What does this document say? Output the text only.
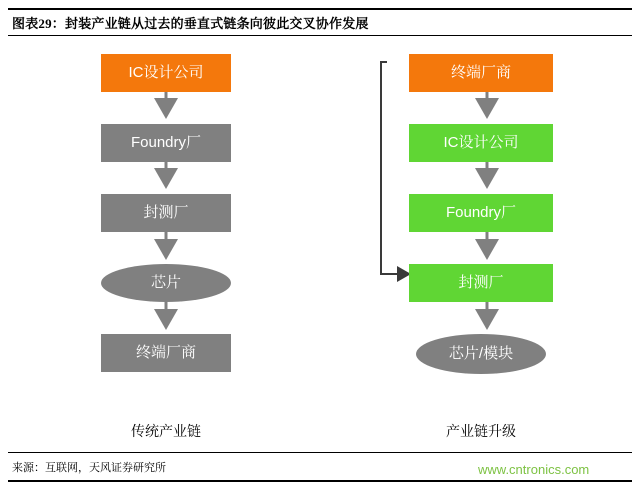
图表29：封装产业链从过去的垂直式链条向彼此交叉协作发展
IC设计公司
Foundry厂
封测厂
芯片
终端厂商
终端厂商
IC设计公司
Foundry厂
封测厂
芯片/模块
传统产业链	产业链升级
来源：互联网，天风证券研究所	www.cntronics.com
